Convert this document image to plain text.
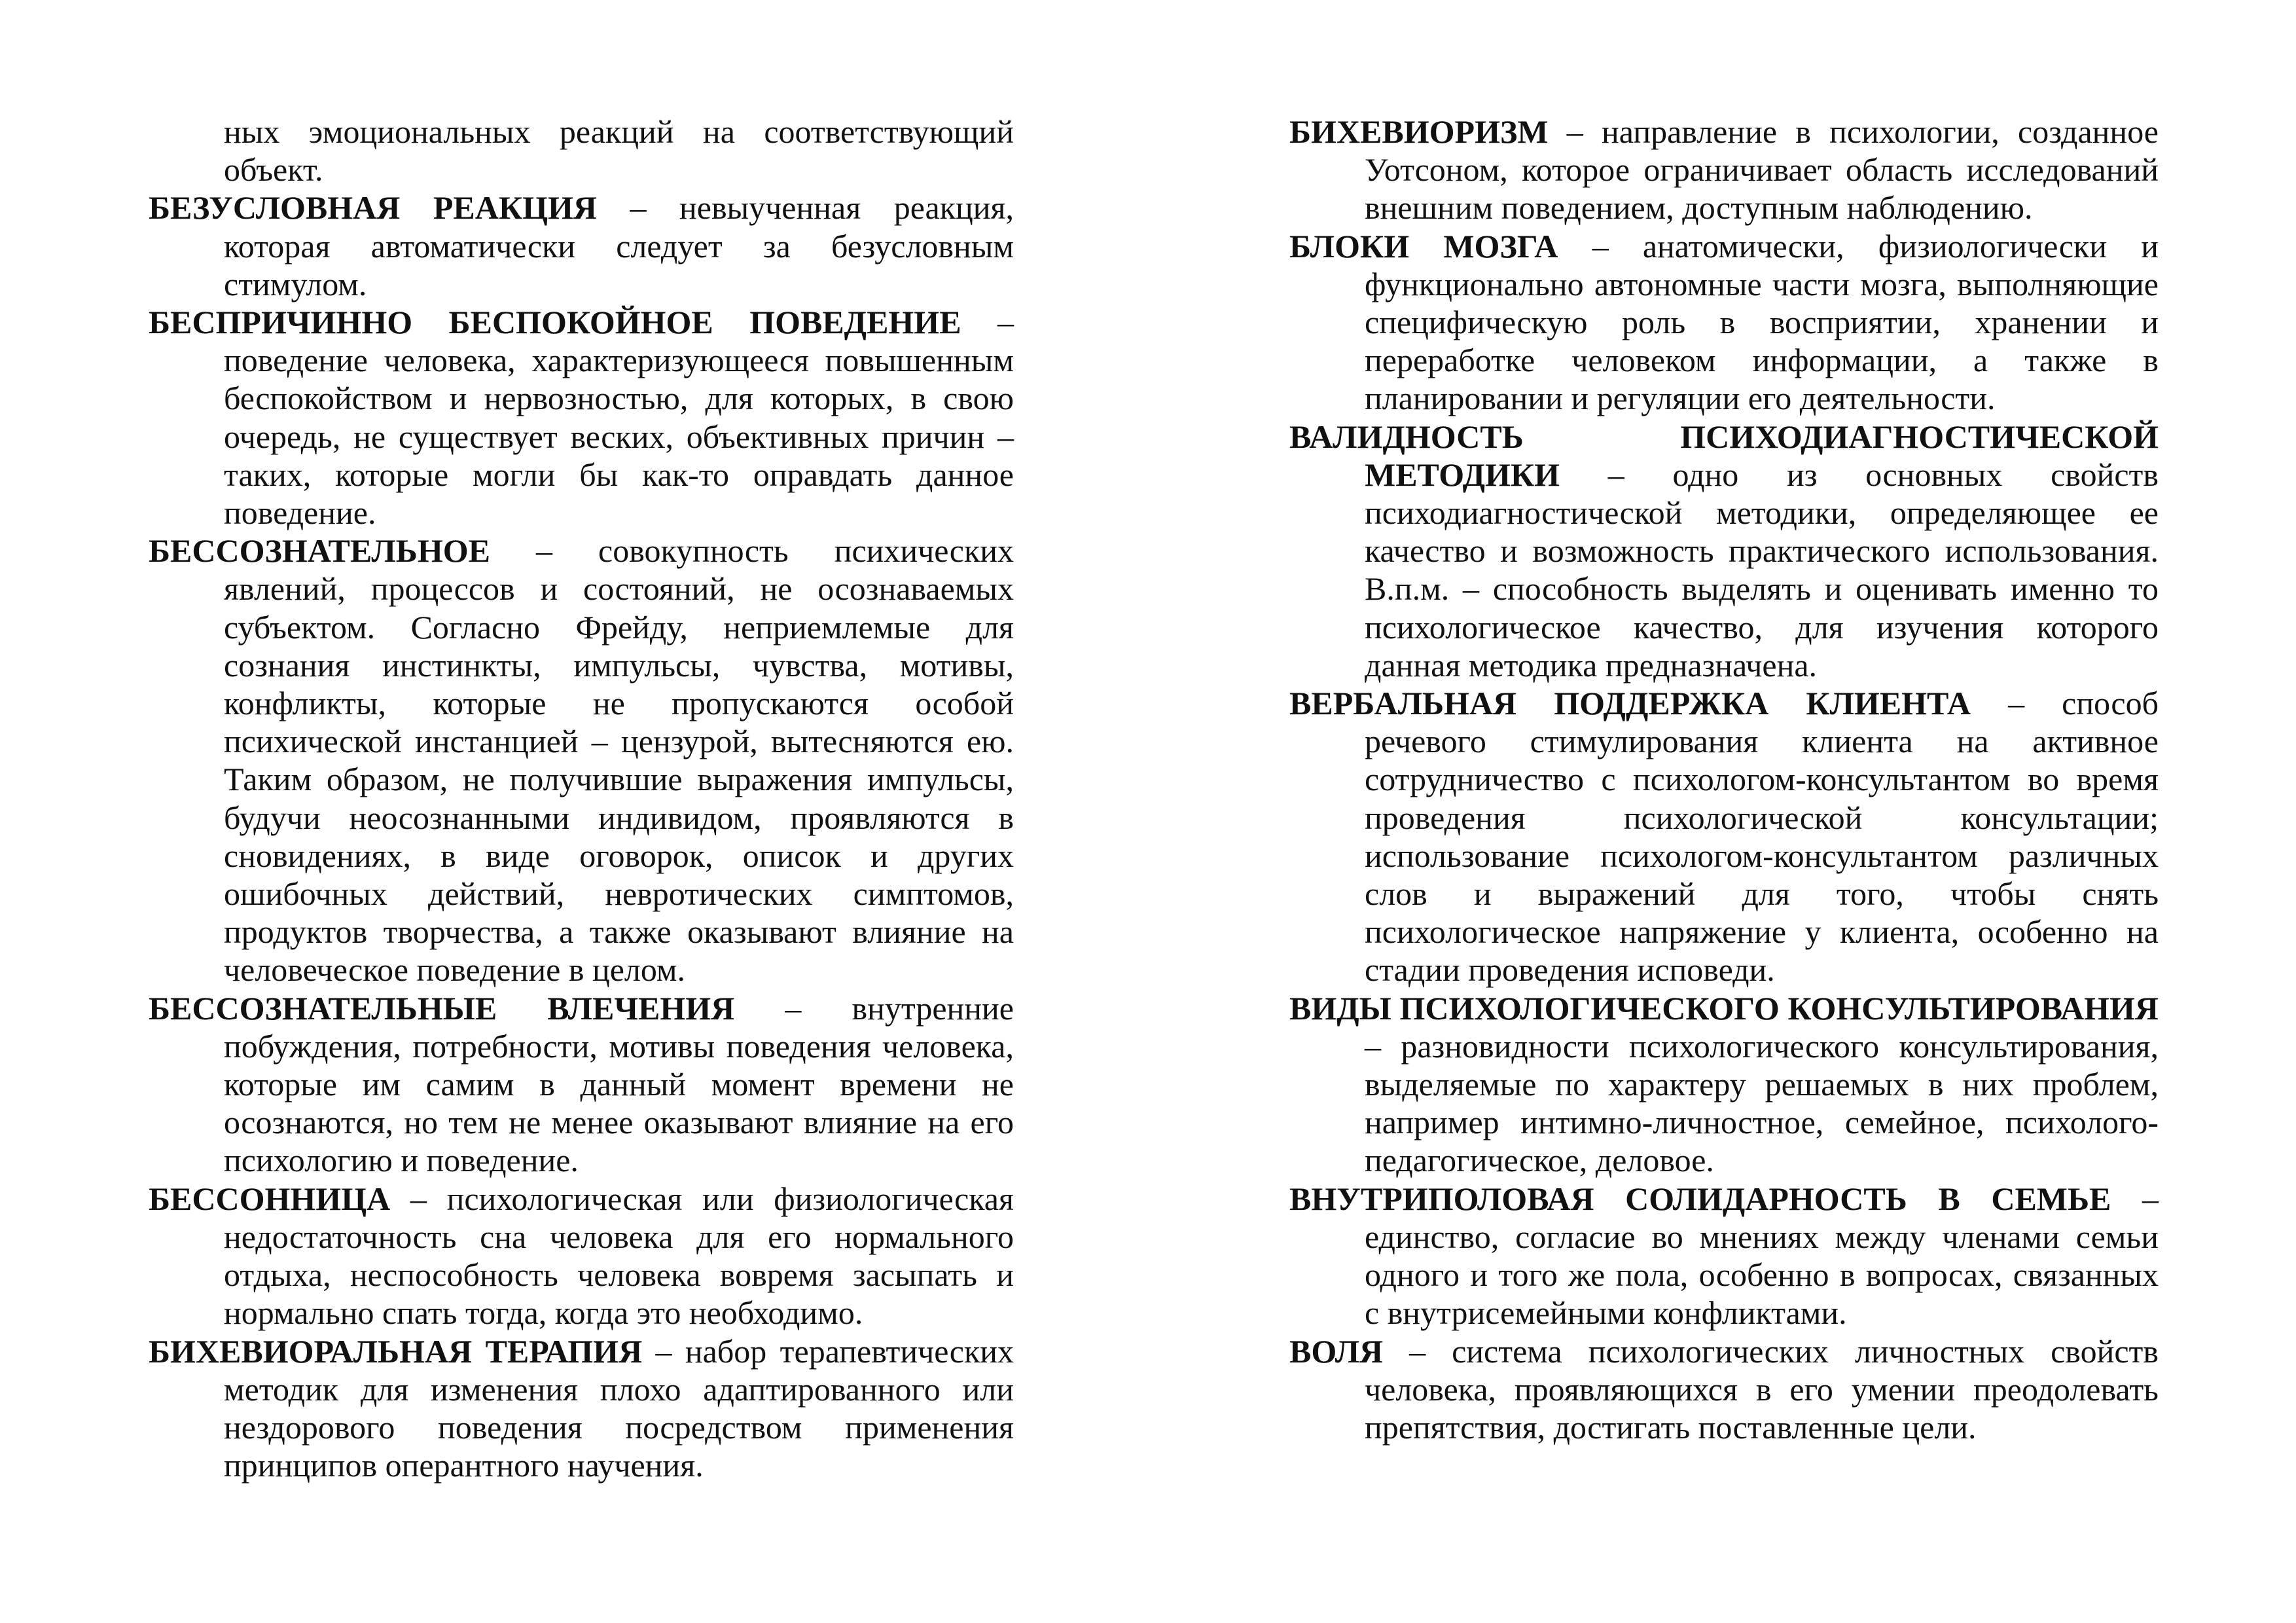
ных эмоциональных реакций на соответствующий объект.

БЕЗУСЛОВНАЯ РЕАКЦИЯ – невыученная реакция, которая автоматически следует за безусловным стимулом.

БЕСПРИЧИННО БЕСПОКОЙНОЕ ПОВЕДЕНИЕ – поведение человека, характеризующееся повышенным беспокойством и нервозностью, для которых, в свою очередь, не существует веских, объективных причин – таких, которые могли бы как-то оправдать данное поведение.

БЕССОЗНАТЕЛЬНОЕ – совокупность психических явлений, процессов и состояний, не осознаваемых субъектом. Согласно Фрейду, неприемлемые для сознания инстинкты, импульсы, чувства, мотивы, конфликты, которые не пропускаются особой психической инстанцией – цензурой, вытесняются ею. Таким образом, не получившие выражения импульсы, будучи неосознанными индивидом, проявляются в сновидениях, в виде оговорок, описок и других ошибочных действий, невротических симптомов, продуктов творчества, а также оказывают влияние на человеческое поведение в целом.

БЕССОЗНАТЕЛЬНЫЕ ВЛЕЧЕНИЯ – внутренние побуждения, потребности, мотивы поведения человека, которые им самим в данный момент времени не осознаются, но тем не менее оказывают влияние на его психологию и поведение.

БЕССОННИЦА – психологическая или физиологическая недостаточность сна человека для его нормального отдыха, неспособность человека вовремя засыпать и нормально спать тогда, когда это необходимо.

БИХЕВИОРАЛЬНАЯ ТЕРАПИЯ – набор терапевтических методик для изменения плохо адаптированного или нездорового поведения посредством применения принципов оперантного научения.

БИХЕВИОРИЗМ – направление в психологии, созданное Уотсоном, которое ограничивает область исследований внешним поведением, доступным наблюдению.

БЛОКИ МОЗГА – анатомически, физиологически и функционально автономные части мозга, выполняющие специфическую роль в восприятии, хранении и переработке человеком информации, а также в планировании и регуляции его деятельности.

ВАЛИДНОСТЬ ПСИХОДИАГНОСТИЧЕСКОЙ МЕТОДИКИ – одно из основных свойств психодиагностической методики, определяющее ее качество и возможность практического использования. В.п.м. – способность выделять и оценивать именно то психологическое качество, для изучения которого данная методика предназначена.

ВЕРБАЛЬНАЯ ПОДДЕРЖКА КЛИЕНТА – способ речевого стимулирования клиента на активное сотрудничество с психологом-консультантом во время проведения психологической консультации; использование психологом-консультантом различных слов и выражений для того, чтобы снять психологическое напряжение у клиента, особенно на стадии проведения исповеди.

ВИДЫ ПСИХОЛОГИЧЕСКОГО КОНСУЛЬТИРОВАНИЯ – разновидности психологического консультирования, выделяемые по характеру решаемых в них проблем, например интимно-личностное, семейное, психолого-педагогическое, деловое.

ВНУТРИПОЛОВАЯ СОЛИДАРНОСТЬ В СЕМЬЕ – единство, согласие во мнениях между членами семьи одного и того же пола, особенно в вопросах, связанных с внутрисемейными конфликтами.

ВОЛЯ – система психологических личностных свойств человека, проявляющихся в его умении преодолевать препятствия, достигать поставленные цели.
